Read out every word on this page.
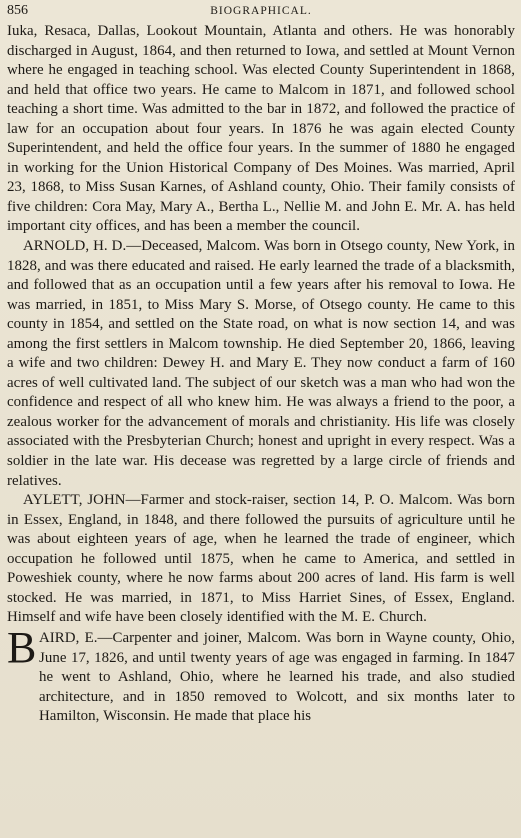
856	BIOGRAPHICAL.

Iuka, Resaca, Dallas, Lookout Mountain, Atlanta and others. He was honorably discharged in August, 1864, and then returned to Iowa, and settled at Mount Vernon where he engaged in teaching school. Was elected County Superintendent in 1868, and held that office two years. He came to Malcom in 1871, and followed school teaching a short time. Was admitted to the bar in 1872, and followed the practice of law for an occupation about four years. In 1876 he was again elected County Superintendent, and held the office four years. In the summer of 1880 he engaged in working for the Union Historical Company of Des Moines. Was married, April 23, 1868, to Miss Susan Karnes, of Ashland county, Ohio. Their family consists of five children: Cora May, Mary A., Bertha L., Nellie M. and John E. Mr. A. has held important city offices, and has been a member the council.

ARNOLD, H. D.—Deceased, Malcom. Was born in Otsego county, New York, in 1828, and was there educated and raised. He early learned the trade of a blacksmith, and followed that as an occupation until a few years after his removal to Iowa. He was married, in 1851, to Miss Mary S. Morse, of Otsego county. He came to this county in 1854, and settled on the State road, on what is now section 14, and was among the first settlers in Malcom township. He died September 20, 1866, leaving a wife and two children: Dewey H. and Mary E. They now conduct a farm of 160 acres of well cultivated land. The subject of our sketch was a man who had won the confidence and respect of all who knew him. He was always a friend to the poor, a zealous worker for the advancement of morals and christianity. His life was closely associated with the Presbyterian Church; honest and upright in every respect. Was a soldier in the late war. His decease was regretted by a large circle of friends and relatives.

AYLETT, JOHN—Farmer and stock-raiser, section 14, P. O. Malcom. Was born in Essex, England, in 1848, and there followed the pursuits of agriculture until he was about eighteen years of age, when he learned the trade of engineer, which occupation he followed until 1875, when he came to America, and settled in Poweshiek county, where he now farms about 200 acres of land. His farm is well stocked. He was married, in 1871, to Miss Harriet Sines, of Essex, England. Himself and wife have been closely identified with the M. E. Church.

B AIRD, E.—Carpenter and joiner, Malcom. Was born in Wayne county, Ohio, June 17, 1826, and until twenty years of age was engaged in farming. In 1847 he went to Ashland, Ohio, where he learned his trade, and also studied architecture, and in 1850 removed to Wolcott, and six months later to Hamilton, Wisconsin. He made that place his
